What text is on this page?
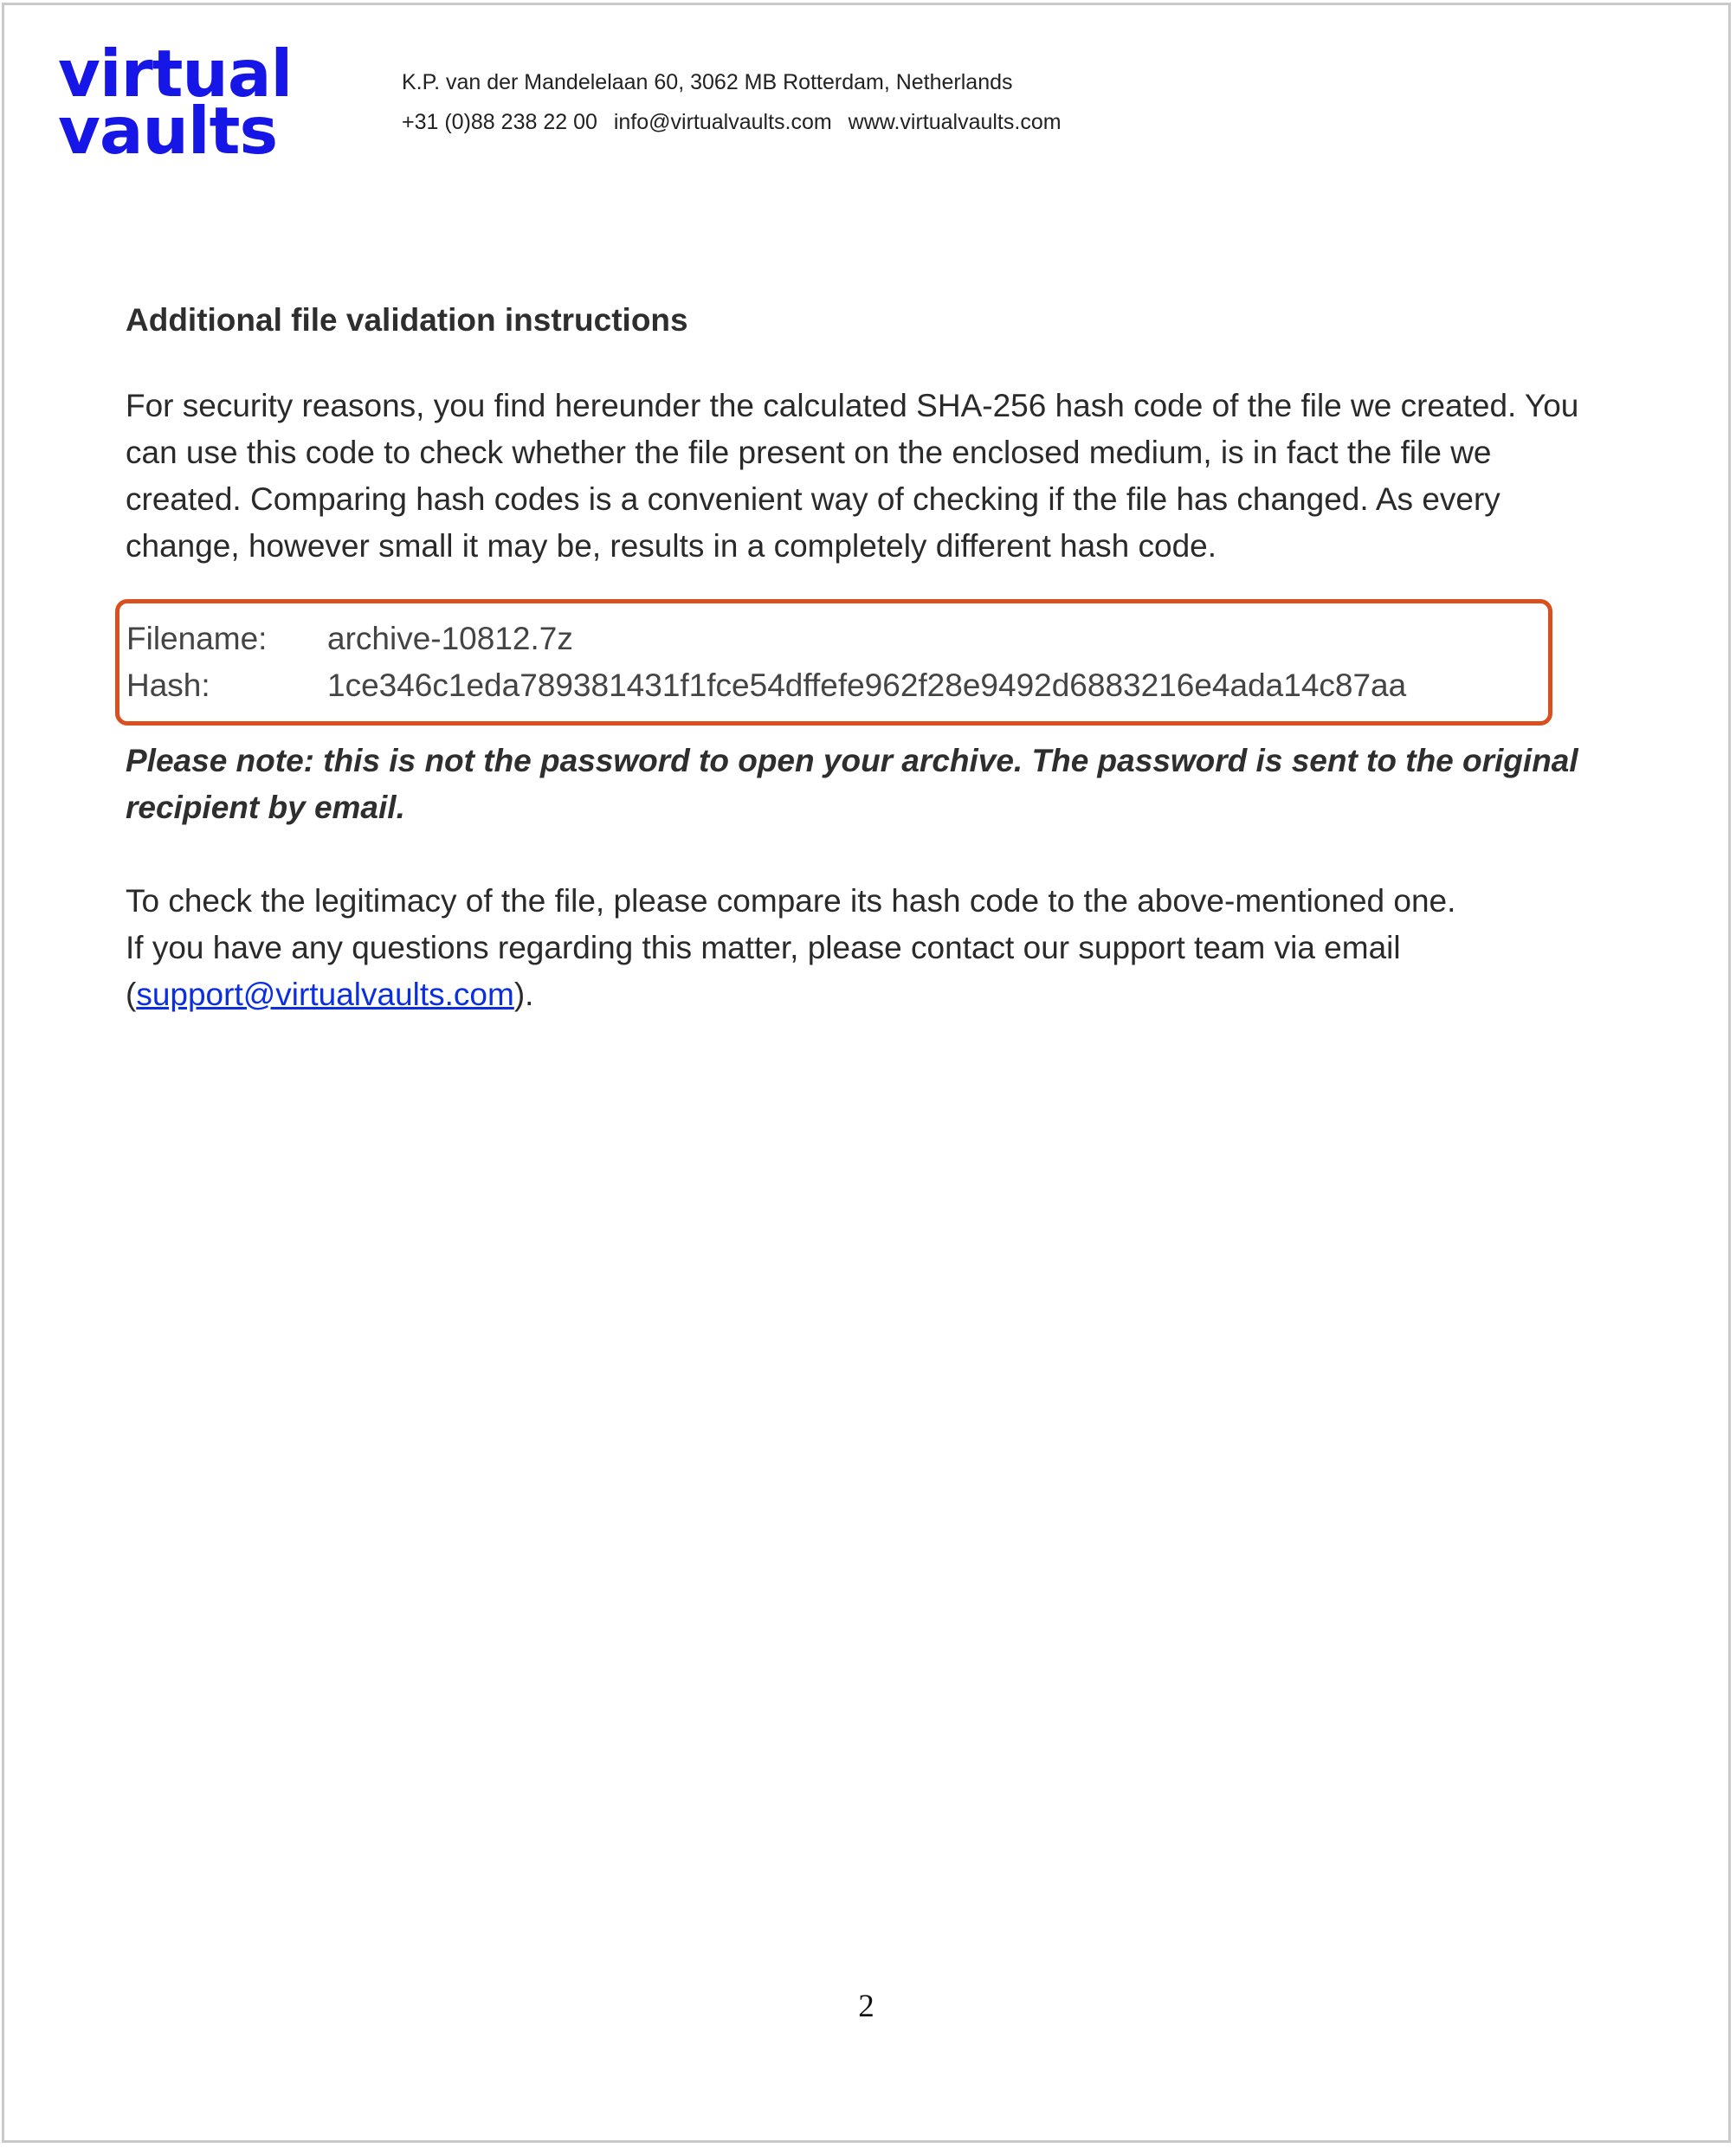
virtual
vaults
K.P. van der Mandelelaan 60, 3062 MB Rotterdam, Netherlands
+31 (0)88 238 22 00 info@virtualvaults.com www.virtualvaults.com
Additional file validation instructions

For security reasons, you find hereunder the calculated SHA-256 hash code of the file we created. You can use this code to check whether the file present on the enclosed medium, is in fact the file we created. Comparing hash codes is a convenient way of checking if the file has changed. As every change, however small it may be, results in a completely different hash code.

Filename:	archive-10812.7z
Hash:	1ce346c1eda789381431f1fce54dffefe962f28e9492d6883216e4ada14c87aa
Please note: this is not the password to open your archive. The password is sent to the original recipient by email.
To check the legitimacy of the file, please compare its hash code to the above-mentioned one.
If you have any questions regarding this matter, please contact our support team via email
(support@virtualvaults.com).
2
